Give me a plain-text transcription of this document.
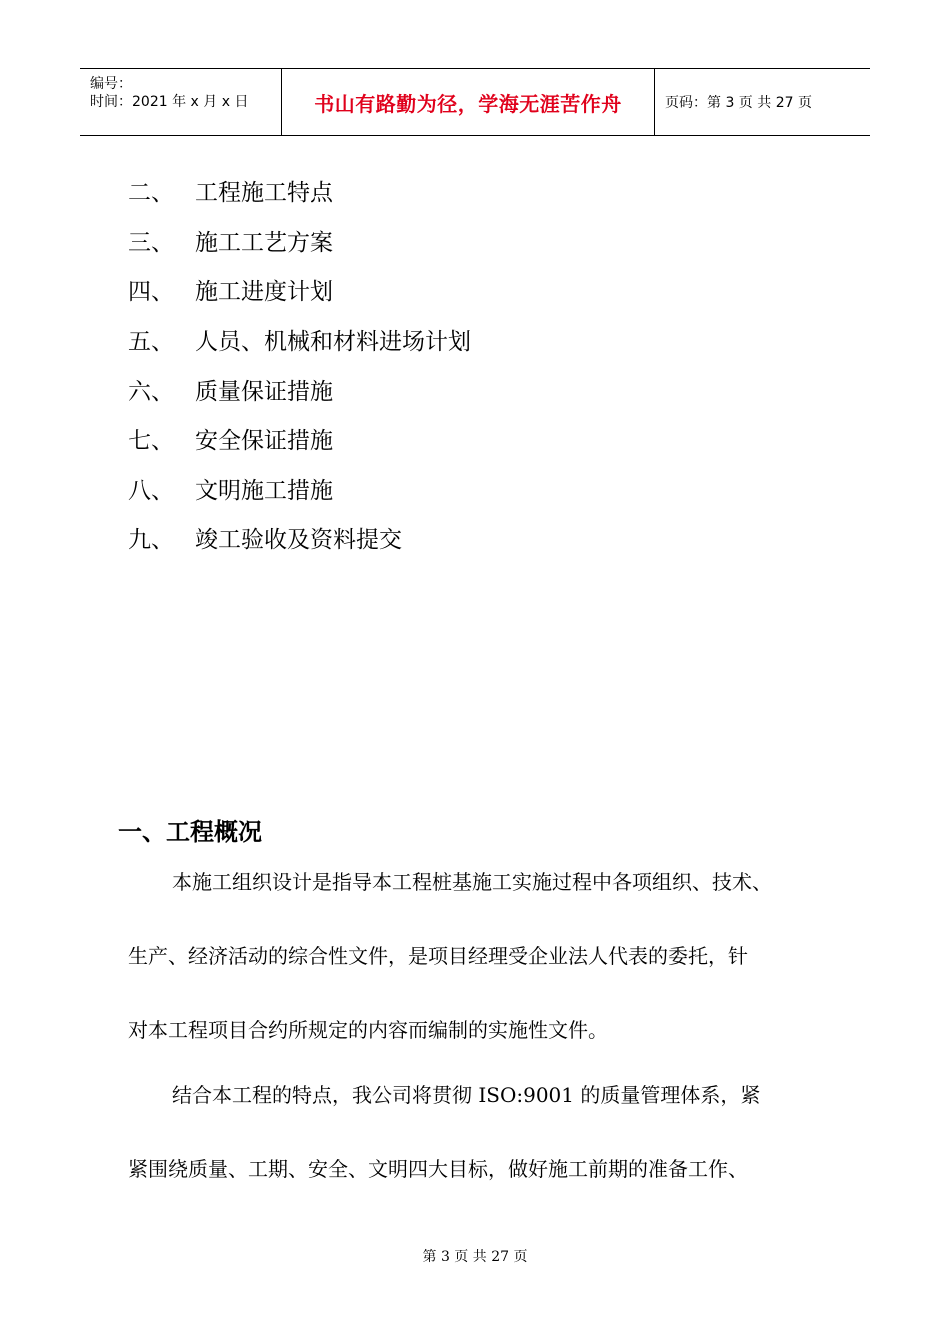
编号：
时间：2021 年 x 月 x 日	书山有路勤为径，学海无涯苦作舟	页码：第 3 页 共 27 页
二、 工程施工特点
三、 施工工艺方案
四、 施工进度计划
五、 人员、机械和材料进场计划
六、 质量保证措施
七、 安全保证措施
八、 文明施工措施
九、 竣工验收及资料提交
一、工程概况

本施工组织设计是指导本工程桩基施工实施过程中各项组织、技术、
生产、经济活动的综合性文件，是项目经理受企业法人代表的委托，针
对本工程项目合约所规定的内容而编制的实施性文件。

结合本工程的特点，我公司将贯彻 ISO:9001 的质量管理体系，紧
紧围绕质量、工期、安全、文明四大目标，做好施工前期的准备工作、

第 3 页 共 27 页
